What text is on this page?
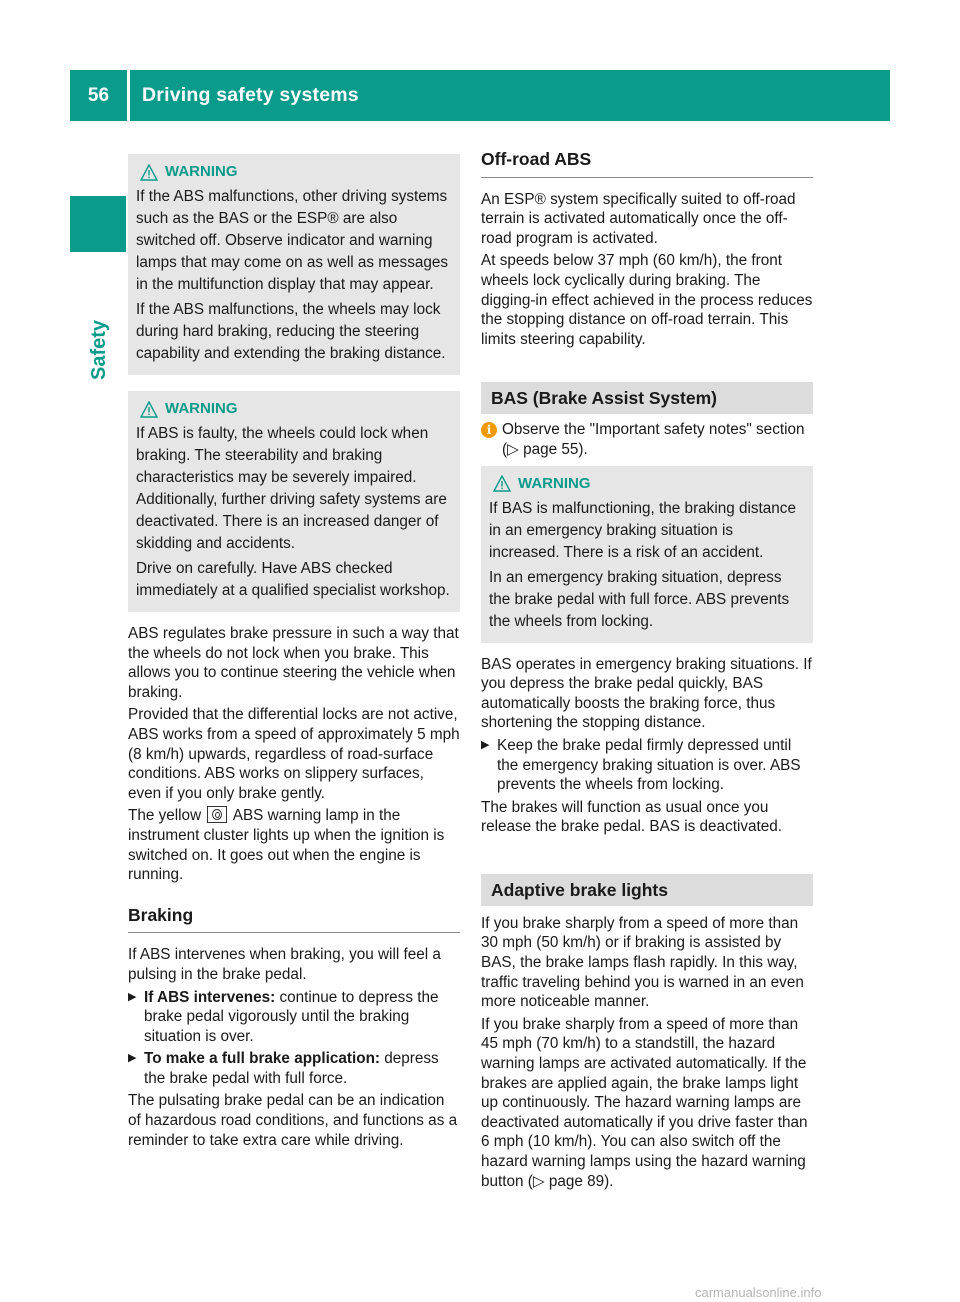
56	Driving safety systems
Safety
WARNING

If the ABS malfunctions, other driving systems such as the BAS or the ESP® are also switched off. Observe indicator and warning lamps that may come on as well as messages in the multifunction display that may appear.

If the ABS malfunctions, the wheels may lock during hard braking, reducing the steering capability and extending the braking distance.

WARNING

If ABS is faulty, the wheels could lock when braking. The steerability and braking characteristics may be severely impaired. Additionally, further driving safety systems are deactivated. There is an increased danger of skidding and accidents.

Drive on carefully. Have ABS checked immediately at a qualified specialist workshop.

ABS regulates brake pressure in such a way that the wheels do not lock when you brake. This allows you to continue steering the vehicle when braking.

Provided that the differential locks are not active, ABS works from a speed of approximately 5 mph (8 km/h) upwards, regardless of road-surface conditions. ABS works on slippery surfaces, even if you only brake gently.

The yellow ABS warning lamp in the instrument cluster lights up when the ignition is switched on. It goes out when the engine is running.

Braking

If ABS intervenes when braking, you will feel a pulsing in the brake pedal.

▶ If ABS intervenes: continue to depress the brake pedal vigorously until the braking situation is over.
▶ To make a full brake application: depress the brake pedal with full force.

The pulsating brake pedal can be an indication of hazardous road conditions, and functions as a reminder to take extra care while driving.

Off-road ABS

An ESP® system specifically suited to off-road terrain is activated automatically once the off-road program is activated.

At speeds below 37 mph (60 km/h), the front wheels lock cyclically during braking. The digging-in effect achieved in the process reduces the stopping distance on off-road terrain. This limits steering capability.

BAS (Brake Assist System)
i Observe the "Important safety notes" section (▷ page 55).
WARNING

If BAS is malfunctioning, the braking distance in an emergency braking situation is increased. There is a risk of an accident.

In an emergency braking situation, depress the brake pedal with full force. ABS prevents the wheels from locking.

BAS operates in emergency braking situations. If you depress the brake pedal quickly, BAS automatically boosts the braking force, thus shortening the stopping distance.

▶ Keep the brake pedal firmly depressed until the emergency braking situation is over. ABS prevents the wheels from locking.

The brakes will function as usual once you release the brake pedal. BAS is deactivated.

Adaptive brake lights

If you brake sharply from a speed of more than 30 mph (50 km/h) or if braking is assisted by BAS, the brake lamps flash rapidly. In this way, traffic traveling behind you is warned in an even more noticeable manner.

If you brake sharply from a speed of more than 45 mph (70 km/h) to a standstill, the hazard warning lamps are activated automatically. If the brakes are applied again, the brake lamps light up continuously. The hazard warning lamps are deactivated automatically if you drive faster than 6 mph (10 km/h). You can also switch off the hazard warning lamps using the hazard warning button (▷ page 89).

carmanualsonline.info
